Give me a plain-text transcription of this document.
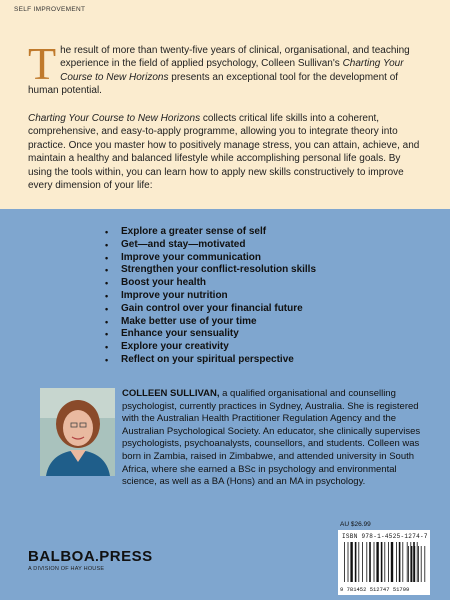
SELF IMPROVEMENT
The result of more than twenty-five years of clinical, organisational, and teaching experience in the field of applied psychology, Colleen Sullivan's Charting Your Course to New Horizons presents an exceptional tool for the development of human potential.
Charting Your Course to New Horizons collects critical life skills into a coherent, comprehensive, and easy-to-apply programme, allowing you to integrate theory into practice. Once you master how to positively manage stress, you can attain, achieve, and maintain a healthy and balanced lifestyle while accomplishing personal life goals. By using the tools within, you can learn how to apply new skills constructively to improve every dimension of your life:
• Explore a greater sense of self
• Get—and stay—motivated
• Improve your communication
• Strengthen your conflict-resolution skills
• Boost your health
• Improve your nutrition
• Gain control over your financial future
• Make better use of your time
• Enhance your sensuality
• Explore your creativity
• Reflect on your spiritual perspective
COLLEEN SULLIVAN, a qualified organisational and counselling psychologist, currently practices in Sydney, Australia. She is registered with the Australian Health Practitioner Regulation Agency and the Australian Psychological Society. An educator, she clinically supervises psychologists, psychoanalysts, counsellors, and students. Colleen was born in Zambia, raised in Zimbabwe, and attended university in South Africa, where she earned a BSc in psychology and environmental science, as well as a BA (Hons) and an MA in psychology.
BALBOA.PRESS
A DIVISION OF HAY HOUSE
AU $26.99
ISBN 978-1-4525-1274-7
9 781452 512747 51799
